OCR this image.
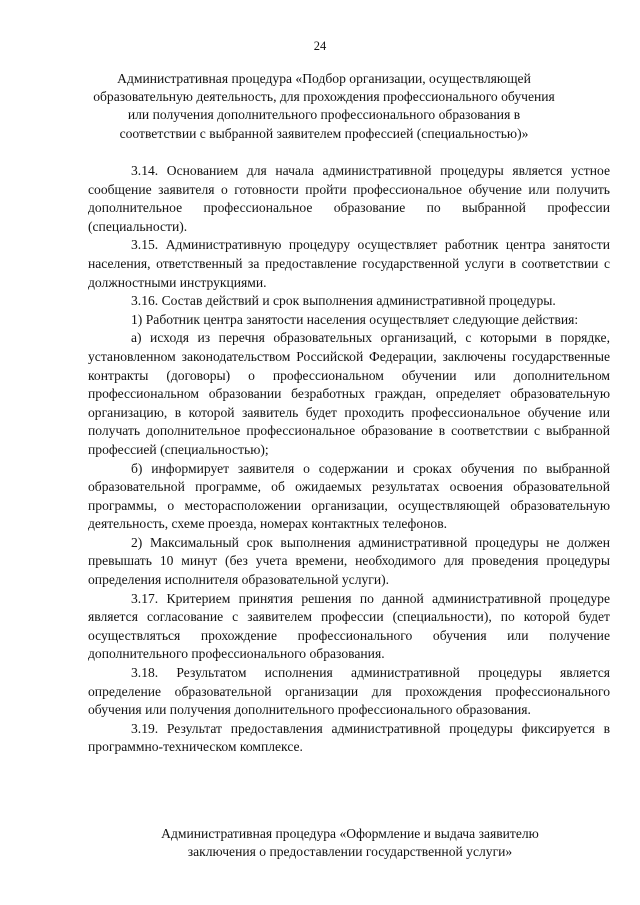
24
Административная процедура «Подбор организации, осуществляющей
образовательную деятельность, для прохождения профессионального обучения
или получения дополнительного профессионального образования в
соответствии с выбранной заявителем профессией (специальностью)»

3.14. Основанием для начала административной процедуры является устное сообщение заявителя о готовности пройти профессиональное обучение или получить дополнительное профессиональное образование по выбранной профессии (специальности).

3.15. Административную процедуру осуществляет работник центра занятости населения, ответственный за предоставление государственной услуги в соответствии с должностными инструкциями.

3.16. Состав действий и срок выполнения административной процедуры.

1) Работник центра занятости населения осуществляет следующие действия:

а) исходя из перечня образовательных организаций, с которыми в порядке, установленном законодательством Российской Федерации, заключены государственные контракты (договоры) о профессиональном обучении или дополнительном профессиональном образовании безработных граждан, определяет образовательную организацию, в которой заявитель будет проходить профессиональное обучение или получать дополнительное профессиональное образование в соответствии с выбранной профессией (специальностью);

б) информирует заявителя о содержании и сроках обучения по выбранной образовательной программе, об ожидаемых результатах освоения образовательной программы, о месторасположении организации, осуществляющей образовательную деятельность, схеме проезда, номерах контактных телефонов.

2) Максимальный срок выполнения административной процедуры не должен превышать 10 минут (без учета времени, необходимого для проведения процедуры определения исполнителя образовательной услуги).

3.17. Критерием принятия решения по данной административной процедуре является согласование с заявителем профессии (специальности), по которой будет осуществляться прохождение профессионального обучения или получение дополнительного профессионального образования.

3.18. Результатом исполнения административной процедуры является определение образовательной организации для прохождения профессионального обучения или получения дополнительного профессионального образования.

3.19. Результат предоставления административной процедуры фиксируется в программно-техническом комплексе.

Административная процедура «Оформление и выдача заявителю
заключения о предоставлении государственной услуги»
